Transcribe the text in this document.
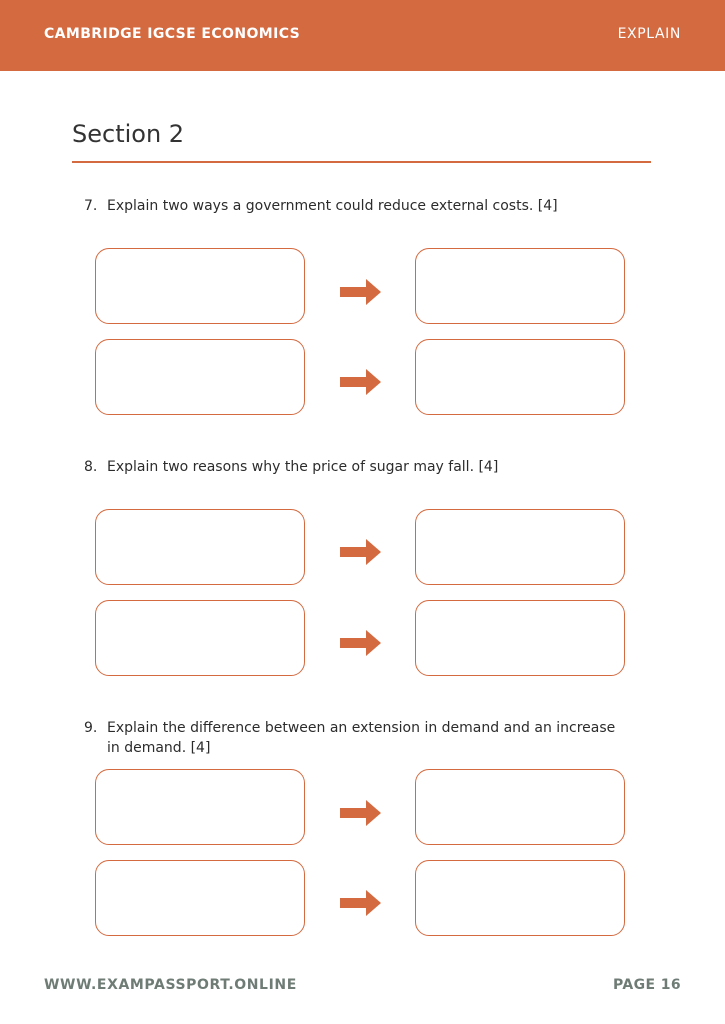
CAMBRIDGE IGCSE ECONOMICS	EXPLAIN
Section 2
7. Explain two ways a government could reduce external costs. [4]
8. Explain two reasons why the price of sugar may fall. [4]
9. Explain the difference between an extension in demand and an increase in demand. [4]
WWW.EXAMPASSPORT.ONLINE	PAGE 16
